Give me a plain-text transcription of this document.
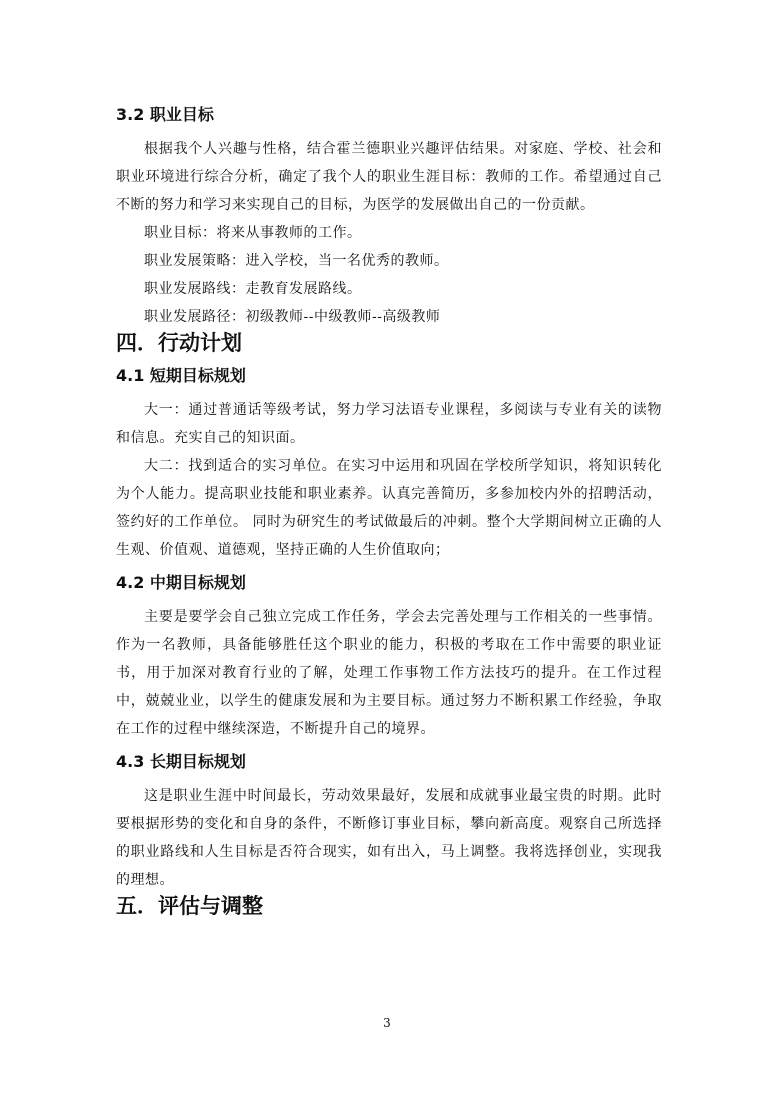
3.2 职业目标

根据我个人兴趣与性格，结合霍兰德职业兴趣评估结果。对家庭、学校、社会和职业环境进行综合分析，确定了我个人的职业生涯目标：教师的工作。希望通过自己不断的努力和学习来实现自己的目标，为医学的发展做出自己的一份贡献。

职业目标：将来从事教师的工作。

职业发展策略：进入学校，当一名优秀的教师。

职业发展路线：走教育发展路线。

职业发展路径：初级教师--中级教师--高级教师

四．行动计划
4.1 短期目标规划

大一：通过普通话等级考试，努力学习法语专业课程，多阅读与专业有关的读物和信息。充实自己的知识面。

大二：找到适合的实习单位。在实习中运用和巩固在学校所学知识，将知识转化为个人能力。提高职业技能和职业素养。认真完善简历，多参加校内外的招聘活动，签约好的工作单位。 同时为研究生的考试做最后的冲刺。整个大学期间树立正确的人生观、价值观、道德观，坚持正确的人生价值取向；

4.2 中期目标规划

主要是要学会自己独立完成工作任务，学会去完善处理与工作相关的一些事情。作为一名教师，具备能够胜任这个职业的能力，积极的考取在工作中需要的职业证书，用于加深对教育行业的了解，处理工作事物工作方法技巧的提升。在工作过程中，兢兢业业，以学生的健康发展和为主要目标。通过努力不断积累工作经验，争取在工作的过程中继续深造，不断提升自己的境界。

4.3 长期目标规划

这是职业生涯中时间最长，劳动效果最好，发展和成就事业最宝贵的时期。此时要根据形势的变化和自身的条件，不断修订事业目标，攀向新高度。观察自己所选择的职业路线和人生目标是否符合现实，如有出入，马上调整。我将选择创业，实现我的理想。

五．评估与调整
3
